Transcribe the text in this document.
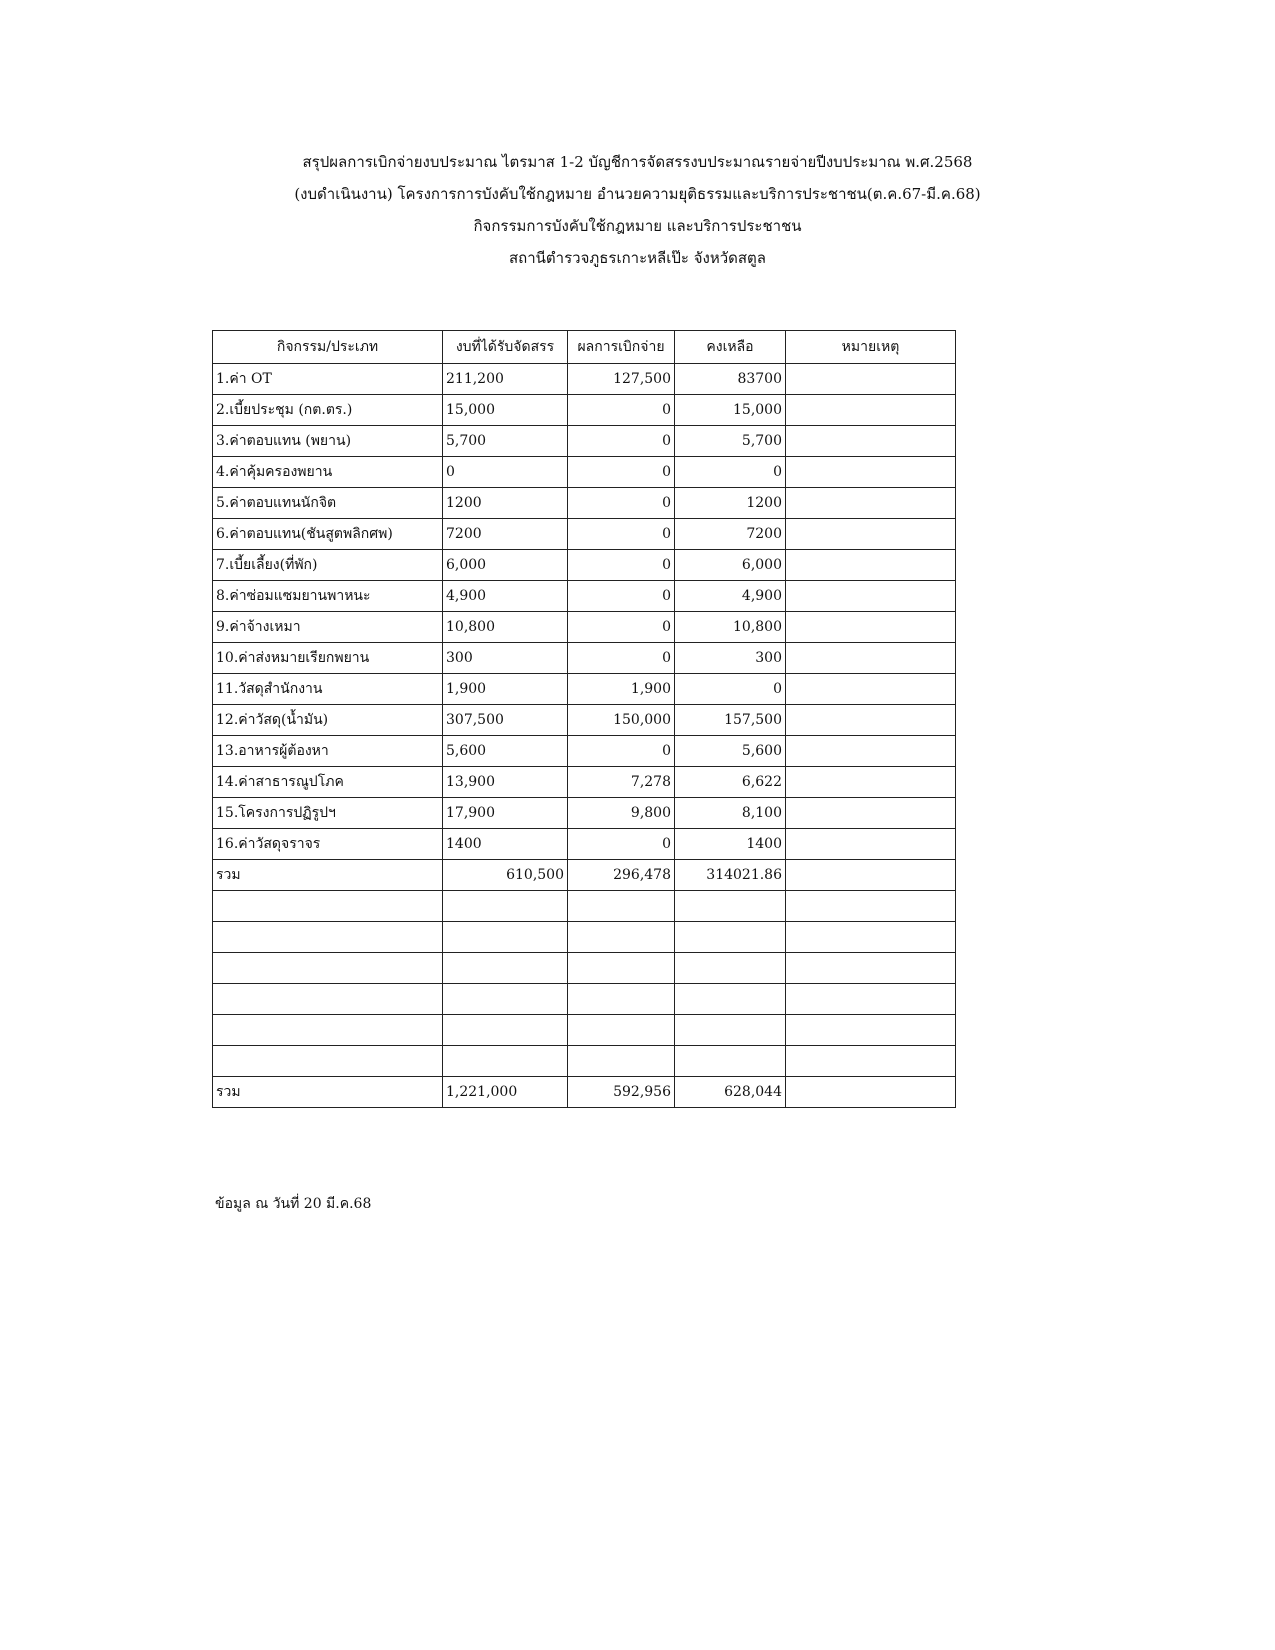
สรุปผลการเบิกจ่ายงบประมาณ ไตรมาส 1-2 บัญชีการจัดสรรงบประมาณรายจ่ายปีงบประมาณ พ.ศ.2568
(งบดำเนินงาน) โครงการการบังคับใช้กฎหมาย อำนวยความยุติธรรมและบริการประชาชน(ต.ค.67-มี.ค.68)
กิจกรรมการบังคับใช้กฎหมาย และบริการประชาชน
สถานีตำรวจภูธรเกาะหลีเป๊ะ จังหวัดสตูล
กิจกรรม/ประเภท	งบที่ได้รับจัดสรร	ผลการเบิกจ่าย	คงเหลือ	หมายเหตุ
1.ค่า OT	211,200	127,500	83700	
2.เบี้ยประชุม (กต.ตร.)	15,000	0	15,000	
3.ค่าตอบแทน (พยาน)	5,700	0	5,700	
4.ค่าคุ้มครองพยาน	0	0	0	
5.ค่าตอบแทนนักจิต	1200	0	1200	
6.ค่าตอบแทน(ชันสูตพลิกศพ)	7200	0	7200	
7.เบี้ยเลี้ยง(ที่พัก)	6,000	0	6,000	
8.ค่าซ่อมแซมยานพาหนะ	4,900	0	4,900	
9.ค่าจ้างเหมา	10,800	0	10,800	
10.ค่าส่งหมายเรียกพยาน	300	0	300	
11.วัสดุสำนักงาน	1,900	1,900	0	
12.ค่าวัสดุ(น้ำมัน)	307,500	150,000	157,500	
13.อาหารผู้ต้องหา	5,600	0	5,600	
14.ค่าสาธารณูปโภค	13,900	7,278	6,622	
15.โครงการปฏิรูปฯ	17,900	9,800	8,100	
16.ค่าวัสดุจราจร	1400	0	1400	
รวม	610,500	296,478	314021.86	

รวม	1,221,000	592,956	628,044	
ข้อมูล ณ วันที่ 20 มี.ค.68
